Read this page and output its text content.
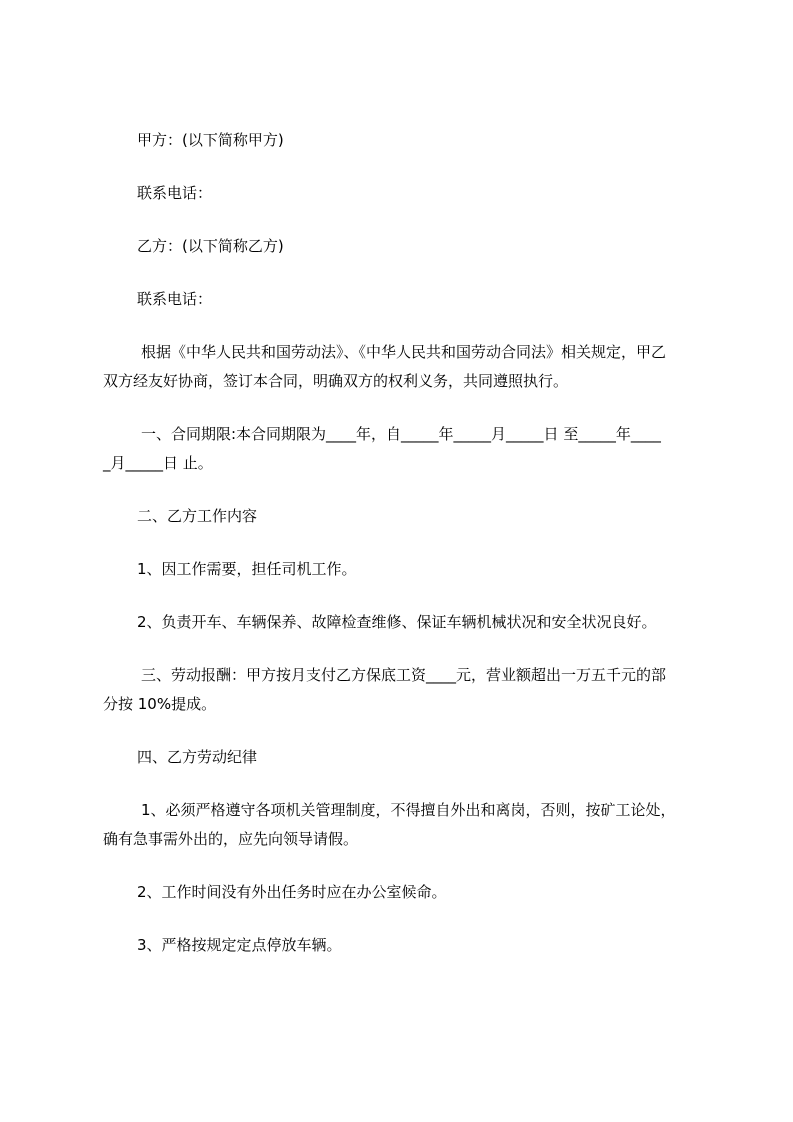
甲方：(以下简称甲方)
联系电话：
乙方：(以下简称乙方)
联系电话：
根据《中华人民共和国劳动法》、《中华人民共和国劳动合同法》相关规定，甲乙
双方经友好协商，签订本合同，明确双方的权利义务，共同遵照执行。
一、合同期限:本合同期限为____年，自_____年_____月_____日 至_____年____
_月_____日 止。
二、乙方工作内容
1、因工作需要，担任司机工作。
2、负责开车、车辆保养、故障检查维修、保证车辆机械状况和安全状况良好。
三、劳动报酬：甲方按月支付乙方保底工资____元，营业额超出一万五千元的部
分按 10%提成。
四、乙方劳动纪律
1、必须严格遵守各项机关管理制度，不得擅自外出和离岗，否则，按矿工论处，
确有急事需外出的，应先向领导请假。
2、工作时间没有外出任务时应在办公室候命。
3、严格按规定定点停放车辆。
